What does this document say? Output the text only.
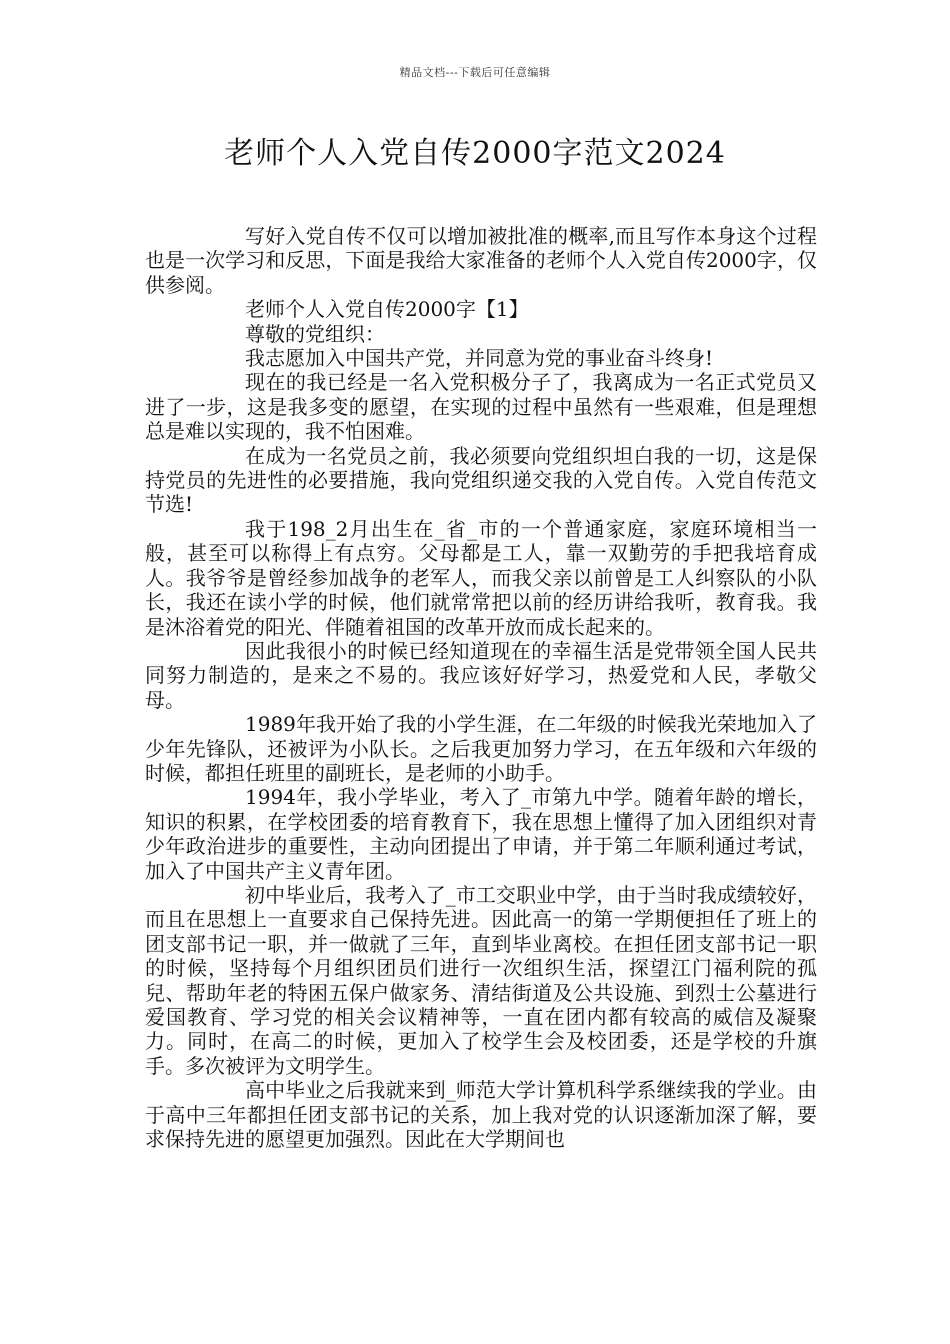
精品文档---下载后可任意编辑
老师个人入党自传2000字范文2024

写好入党自传不仅可以增加被批准的概率,而且写作本身这个过程也是一次学习和反思，下面是我给大家准备的老师个人入党自传2000字，仅供参阅。

老师个人入党自传2000字【1】

尊敬的党组织：

我志愿加入中国共产党，并同意为党的事业奋斗终身!

现在的我已经是一名入党积极分子了，我离成为一名正式党员又进了一步，这是我多变的愿望，在实现的过程中虽然有一些艰难，但是理想总是难以实现的，我不怕困难。

在成为一名党员之前，我必须要向党组织坦白我的一切，这是保持党员的先进性的必要措施，我向党组织递交我的入党自传。入党自传范文节选!

我于198_2月出生在_省_市的一个普通家庭，家庭环境相当一般，甚至可以称得上有点穷。父母都是工人，靠一双勤劳的手把我培育成人。我爷爷是曾经参加战争的老军人，而我父亲以前曾是工人纠察队的小队长，我还在读小学的时候，他们就常常把以前的经历讲给我听，教育我。我是沐浴着党的阳光、伴随着祖国的改革开放而成长起来的。

因此我很小的时候已经知道现在的幸福生活是党带领全国人民共同努力制造的，是来之不易的。我应该好好学习，热爱党和人民，孝敬父母。

1989年我开始了我的小学生涯，在二年级的时候我光荣地加入了少年先锋队，还被评为小队长。之后我更加努力学习，在五年级和六年级的时候，都担任班里的副班长，是老师的小助手。

1994年，我小学毕业，考入了_市第九中学。随着年龄的增长，知识的积累，在学校团委的培育教育下，我在思想上懂得了加入团组织对青少年政治进步的重要性，主动向团提出了申请，并于第二年顺利通过考试，加入了中国共产主义青年团。

初中毕业后，我考入了_市工交职业中学，由于当时我成绩较好，而且在思想上一直要求自己保持先进。因此高一的第一学期便担任了班上的团支部书记一职，并一做就了三年，直到毕业离校。在担任团支部书记一职的时候，坚持每个月组织团员们进行一次组织生活，探望江门福利院的孤兒、帮助年老的特困五保户做家务、清结街道及公共设施、到烈士公墓进行爱国教育、学习党的相关会议精神等，一直在团内都有较高的威信及凝聚力。同时，在高二的时候，更加入了校学生会及校团委，还是学校的升旗手。多次被评为文明学生。

高中毕业之后我就来到_师范大学计算机科学系继续我的学业。由于高中三年都担任团支部书记的关系，加上我对党的认识逐渐加深了解，要求保持先进的愿望更加强烈。因此在大学期间也
